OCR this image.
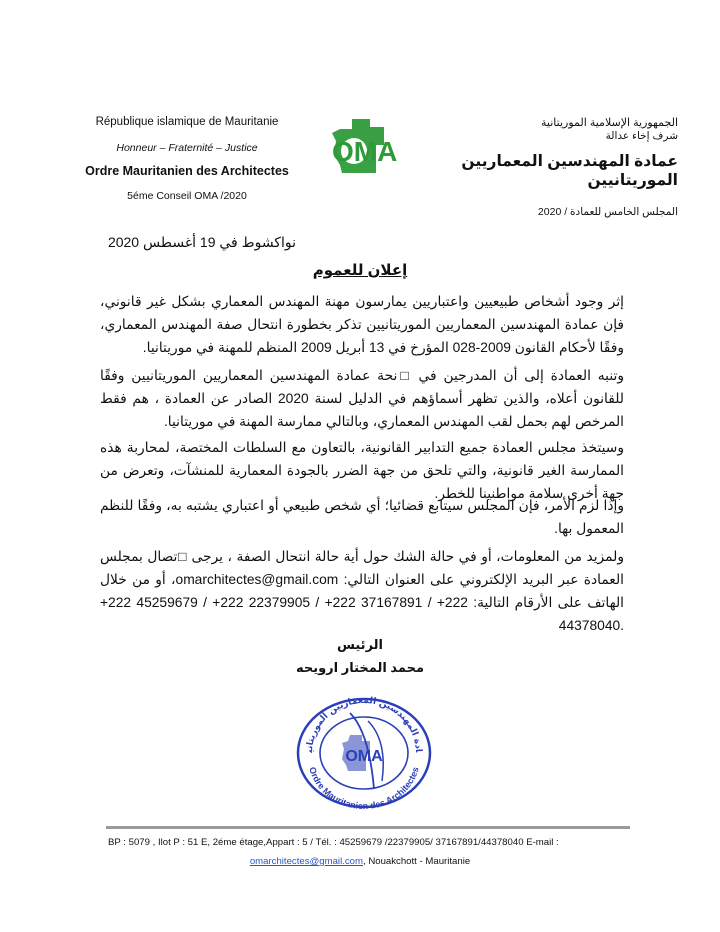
République islamique de Mauritanie
Honneur – Fraternité – Justice
Ordre Mauritanien des Architectes
5éme Conseil OMA /2020
OMA
الجمهورية الإسلامية الموريتانية
شرف إخاء عدالة
عمادة المهندسين المعماريين الموريتانيين
المجلس الخامس للعمادة / 2020
نواكشوط في 19 أغسطس 2020
إعلان للعموم
إثر وجود أشخاص طبيعيين واعتباريين يمارسون مهنة المهندس المعماري بشكل غير قانوني، فإن عمادة المهندسين المعماريين الموريتانيين تذكر بخطورة انتحال صفة المهندس المعماري، وفقًا لأحكام القانون 2009-028 المؤرخ في 13 أبريل 2009 المنظم للمهنة في موريتانيا.
وتنبه العمادة إلى أن المدرجين في □نحة عمادة المهندسين المعماريين الموريتانيين وفقًا للقانون أعلاه، والذين تظهر أسماؤهم في الدليل لسنة 2020 الصادر عن العمادة ، هم فقط المرخص لهم بحمل لقب المهندس المعماري، وبالتالي ممارسة المهنة في موريتانيا.
وسيتخذ مجلس العمادة جميع التدابير القانونية، بالتعاون مع السلطات المختصة، لمحاربة هذه الممارسة الغير قانونية، والتي تلحق من جهة الضرر بالجودة المعمارية للمنشآت، وتعرض من جهة أخرى سلامة مواطنينا للخطر.
وإذا لزم الأمر، فإن المجلس سيتابع قضائيا؛ أي شخص طبيعي أو اعتباري يشتبه به، وفقًا للنظم المعمول بها.
ولمزيد من المعلومات، أو في حالة الشك حول أية حالة انتحال الصفة ، يرجى □تصال بمجلس العمادة عبر البريد الإلكتروني على العنوان التالي: omarchitectes@gmail.com، أو من خلال الهاتف على الأرقام التالية: +222 45259679 / +222 22379905 / +222 37167891 / +222 44378040.
الرئيس
محمد المختار ارويحه
ادة المهندسين المعماريين الموريتاني
Ordre Mauritanien des Architectes
OMA
BP : 5079 , Ilot P : 51 E, 2éme étage,Appart : 5 / Tél. : 45259679 /22379905/ 37167891/44378040 E-mail :
omarchitectes@gmail.com, Nouakchott - Mauritanie
